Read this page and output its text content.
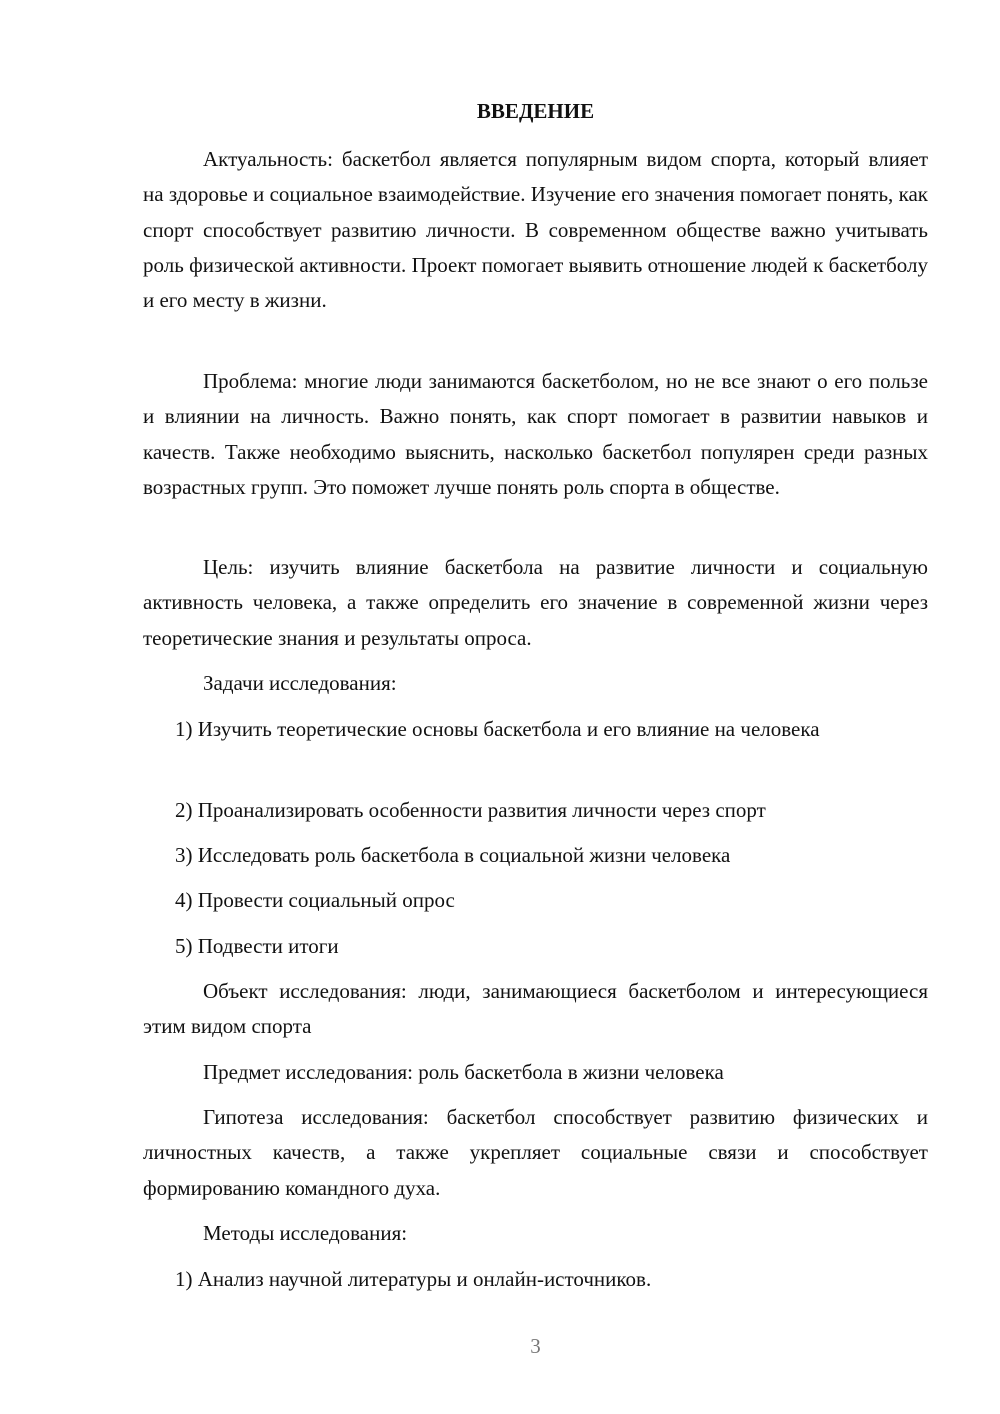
ВВЕДЕНИЕ

Актуальность: баскетбол является популярным видом спорта, который влияет на здоровье и социальное взаимодействие. Изучение его значения помогает понять, как спорт способствует развитию личности. В современном обществе важно учитывать роль физической активности. Проект помогает выявить отношение людей к баскетболу и его месту в жизни.

Проблема: многие люди занимаются баскетболом, но не все знают о его пользе и влиянии на личность. Важно понять, как спорт помогает в развитии навыков и качеств. Также необходимо выяснить, насколько баскетбол популярен среди разных возрастных групп. Это поможет лучше понять роль спорта в обществе.

Цель: изучить влияние баскетбола на развитие личности и социальную активность человека, а также определить его значение в современной жизни через теоретические знания и результаты опроса.

Задачи исследования:

1) Изучить теоретические основы баскетбола и его влияние на человека

2) Проанализировать особенности развития личности через спорт

3) Исследовать роль баскетбола в социальной жизни человека

4) Провести социальный опрос

5) Подвести итоги

Объект исследования: люди, занимающиеся баскетболом и интересующиеся этим видом спорта

Предмет исследования: роль баскетбола в жизни человека

Гипотеза исследования: баскетбол способствует развитию физических и личностных качеств, а также укрепляет социальные связи и способствует формированию командного духа.

Методы исследования:

1) Анализ научной литературы и онлайн-источников.

3
